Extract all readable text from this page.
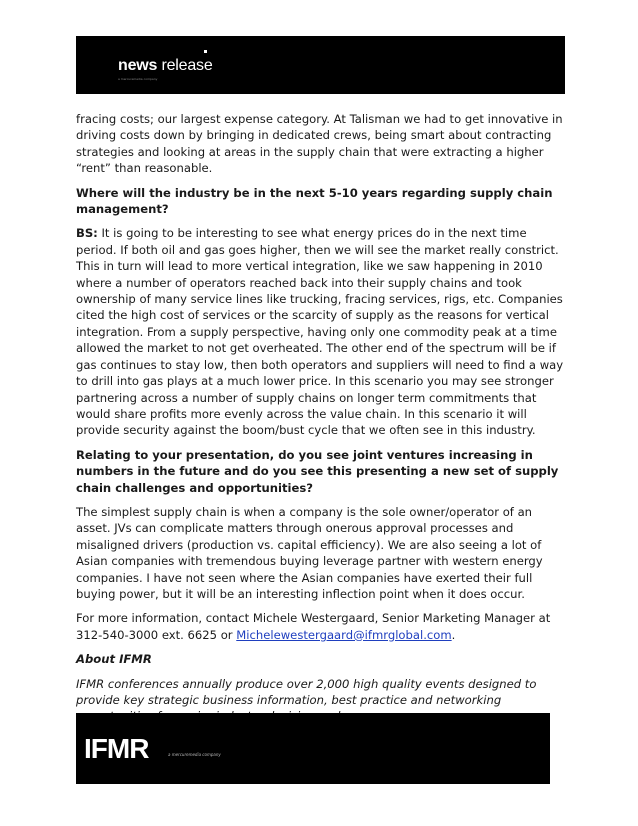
news release
a mercuremedia company

fracing costs; our largest expense category. At Talisman we had to get innovative in driving costs down by bringing in dedicated crews, being smart about contracting strategies and looking at areas in the supply chain that were extracting a higher “rent” than reasonable.

Where will the industry be in the next 5-10 years regarding supply chain management?

BS: It is going to be interesting to see what energy prices do in the next time period. If both oil and gas goes higher, then we will see the market really constrict. This in turn will lead to more vertical integration, like we saw happening in 2010 where a number of operators reached back into their supply chains and took ownership of many service lines like trucking, fracing services, rigs, etc. Companies cited the high cost of services or the scarcity of supply as the reasons for vertical integration. From a supply perspective, having only one commodity peak at a time allowed the market to not get overheated. The other end of the spectrum will be if gas continues to stay low, then both operators and suppliers will need to find a way to drill into gas plays at a much lower price. In this scenario you may see stronger partnering across a number of supply chains on longer term commitments that would share profits more evenly across the value chain. In this scenario it will provide security against the boom/bust cycle that we often see in this industry.

Relating to your presentation, do you see joint ventures increasing in numbers in the future and do you see this presenting a new set of supply chain challenges and opportunities?

The simplest supply chain is when a company is the sole owner/operator of an asset. JVs can complicate matters through onerous approval processes and misaligned drivers (production vs. capital efficiency). We are also seeing a lot of Asian companies with tremendous buying leverage partner with western energy companies. I have not seen where the Asian companies have exerted their full buying power, but it will be an interesting inflection point when it does occur.

For more information, contact Michele Westergaard, Senior Marketing Manager at 312-540-3000 ext. 6625 or Michelewestergaard@ifmrglobal.com.

About IFMR

IFMR conferences annually produce over 2,000 high quality events designed to provide key strategic business information, best practice and networking

IFMR	a mercuremedia company
